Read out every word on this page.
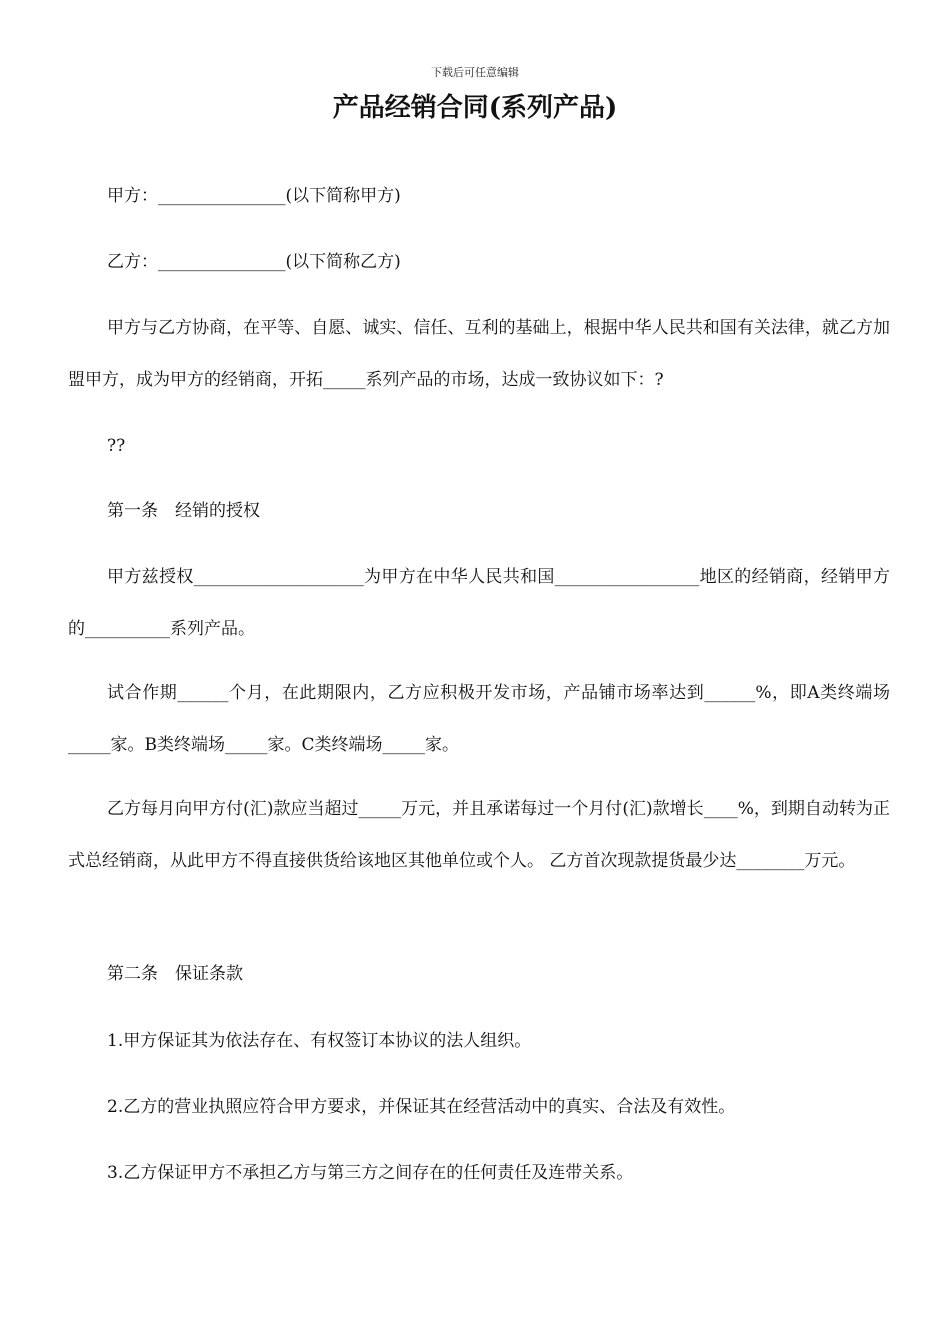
下载后可任意编辑
产品经销合同(系列产品)

甲方：_______________(以下简称甲方)

乙方：_______________(以下简称乙方)

甲方与乙方协商，在平等、自愿、诚实、信任、互利的基础上，根据中华人民共和国有关法律，就乙方加盟甲方，成为甲方的经销商，开拓_____系列产品的市场，达成一致协议如下：?

??

第一条　经销的授权

甲方兹授权____________________为甲方在中华人民共和国_________________地区的经销商，经销甲方的__________系列产品。

试合作期______个月，在此期限内，乙方应积极开发市场，产品铺市场率达到______%，即A类终端场_____家。B类终端场_____家。C类终端场_____家。

乙方每月向甲方付(汇)款应当超过_____万元，并且承诺每过一个月付(汇)款增长____%，到期自动转为正式总经销商，从此甲方不得直接供货给该地区其他单位或个人。 乙方首次现款提货最少达________万元。

第二条　保证条款

1.甲方保证其为依法存在、有权签订本协议的法人组织。

2.乙方的营业执照应符合甲方要求，并保证其在经营活动中的真实、合法及有效性。

3.乙方保证甲方不承担乙方与第三方之间存在的任何责任及连带关系。
